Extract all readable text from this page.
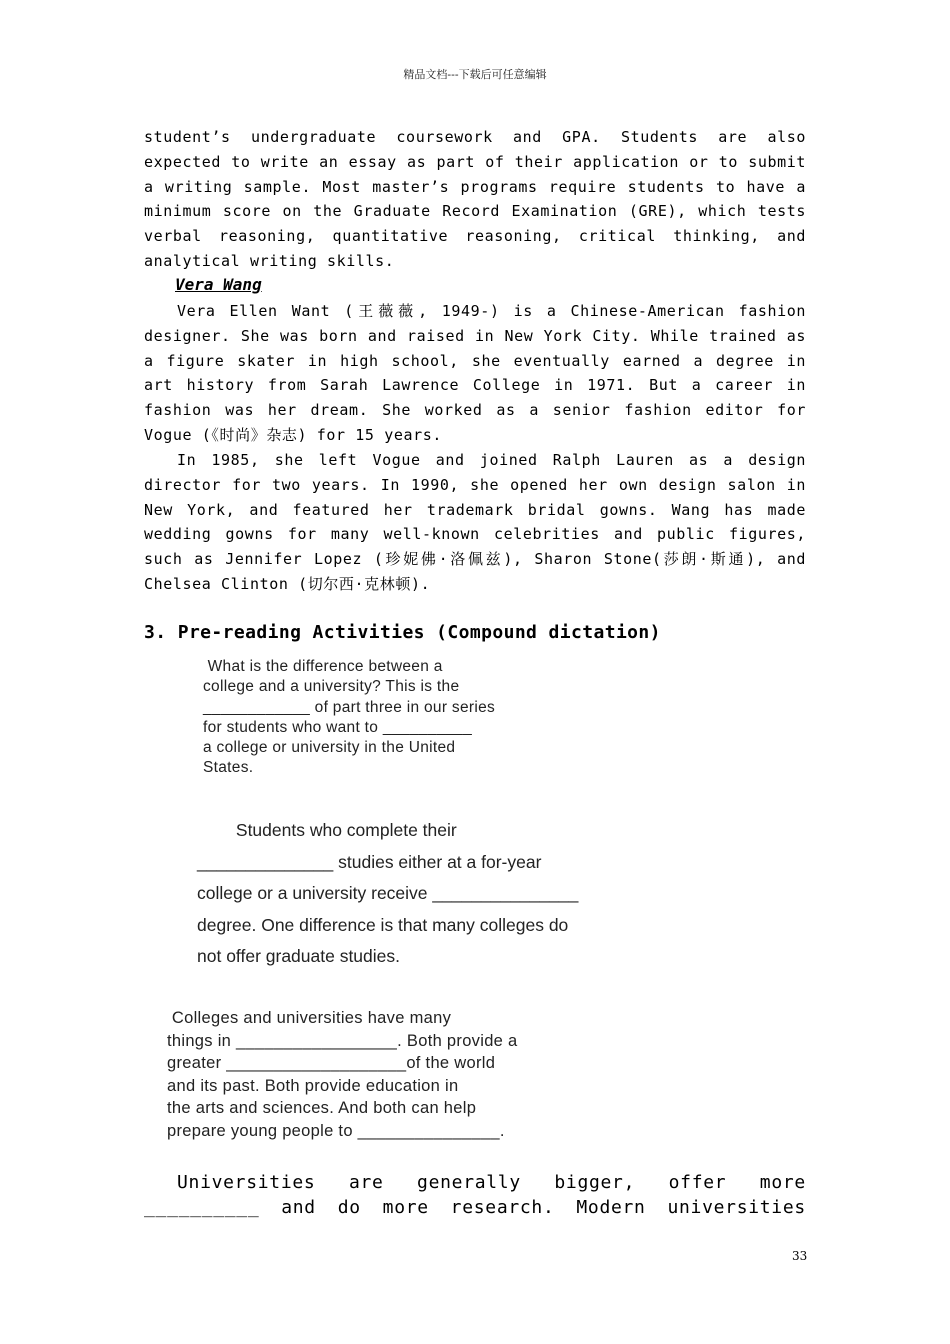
精品文档---下载后可任意编辑
student’s undergraduate coursework and GPA. Students are also expected to write an essay as part of their application or to submit a writing sample. Most master’s programs require students to have a minimum score on the Graduate Record Examination (GRE), which tests verbal reasoning, quantitative reasoning, critical thinking, and analytical writing skills.
Vera Wang
Vera Ellen Want (王薇薇, 1949-) is a Chinese-American fashion designer. She was born and raised in New York City. While trained as a figure skater in high school, she eventually earned a degree in art history from Sarah Lawrence College in 1971. But a career in fashion was her dream. She worked as a senior fashion editor for Vogue (《时尚》杂志) for 15 years.
In 1985, she left Vogue and joined Ralph Lauren as a design director for two years. In 1990, she opened her own design salon in New York, and featured her trademark bridal gowns. Wang has made wedding gowns for many well-known celebrities and public figures, such as Jennifer Lopez (珍妮佛·洛佩兹), Sharon Stone(莎朗·斯通), and Chelsea Clinton (切尔西·克林顿).
3. Pre-reading Activities (Compound dictation)
What is the difference between a
college and a university? This is the
____________ of part three in our series
for students who want to __________
a college or university in the United
States.
Students who complete their
______________ studies either at a for-year
college or a university receive _______________
degree. One difference is that many colleges do
not offer graduate studies.
Colleges and universities have many
things in _________________. Both provide a
greater ___________________of the world
and its past. Both provide education in
the arts and sciences. And both can help
prepare young people to _______________.
Universities are generally bigger, offer more
__________ and do more research. Modern universities
33
